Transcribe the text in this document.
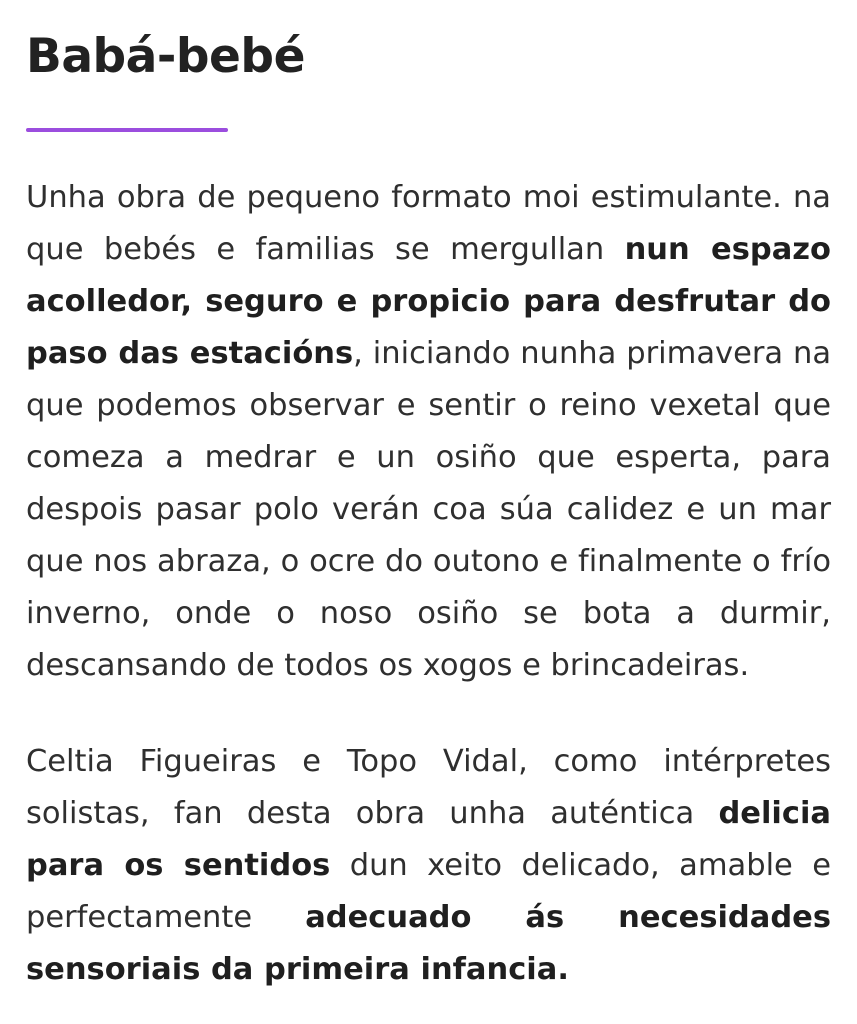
Babá-bebé

Unha obra de pequeno formato moi estimulante. na que bebés e familias se mergullan nun espazo acolledor, seguro e propicio para desfrutar do paso das estacións, iniciando nunha primavera na que podemos observar e sentir o reino vexetal que comeza a medrar e un osiño que esperta, para despois pasar polo verán coa súa calidez e un mar que nos abraza, o ocre do outono e finalmente o frío inverno, onde o noso osiño se bota a durmir, descansando de todos os xogos e brincadeiras.

Celtia Figueiras e Topo Vidal, como intérpretes solistas, fan desta obra unha auténtica delicia para os sentidos dun xeito delicado, amable e perfectamente adecuado ás necesidades sensoriais da primeira infancia.
